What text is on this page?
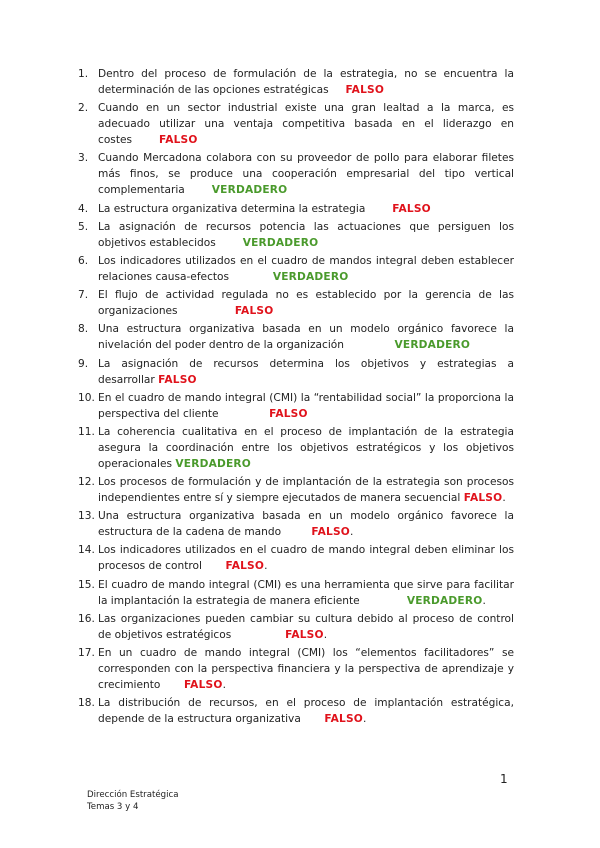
1. Dentro del proceso de formulación de la estrategia, no se encuentra la determinación de las opciones estratégicas FALSO
2. Cuando en un sector industrial existe una gran lealtad a la marca, es adecuado utilizar una ventaja competitiva basada en el liderazgo en costes	FALSO
3. Cuando Mercadona colabora con su proveedor de pollo para elaborar filetes más finos, se produce una cooperación empresarial del tipo vertical complementaria	VERDADERO
4. La estructura organizativa determina la estrategia	FALSO
5. La asignación de recursos potencia las actuaciones que persiguen los objetivos establecidos	VERDADERO
6. Los indicadores utilizados en el cuadro de mandos integral deben establecer relaciones causa-efectos	VERDADERO
7. El flujo de actividad regulada no es establecido por la gerencia de las organizaciones	FALSO
8. Una estructura organizativa basada en un modelo orgánico favorece la nivelación del poder dentro de la organización	VERDADERO
9. La asignación de recursos determina los objetivos y estrategias a desarrollar FALSO
10. En el cuadro de mando integral (CMI) la “rentabilidad social” la proporciona la perspectiva del cliente	FALSO
11. La coherencia cualitativa en el proceso de implantación de la estrategia asegura la coordinación entre los objetivos estratégicos y los objetivos operacionales VERDADERO
12. Los procesos de formulación y de implantación de la estrategia son procesos independientes entre sí y siempre ejecutados de manera secuencial FALSO.
13. Una estructura organizativa basada en un modelo orgánico favorece la estructura de la cadena de mando	FALSO.
14. Los indicadores utilizados en el cuadro de mando integral deben eliminar los procesos de control FALSO.
15. El cuadro de mando integral (CMI) es una herramienta que sirve para facilitar la implantación la estrategia de manera eficiente	VERDADERO.
16. Las organizaciones pueden cambiar su cultura debido al proceso de control de objetivos estratégicos	FALSO.
17. En un cuadro de mando integral (CMI) los “elementos facilitadores” se corresponden con la perspectiva financiera y la perspectiva de aprendizaje y crecimiento FALSO.
18. La distribución de recursos, en el proceso de implantación estratégica, depende de la estructura organizativa FALSO.
1
Dirección Estratégica
Temas 3 y 4
